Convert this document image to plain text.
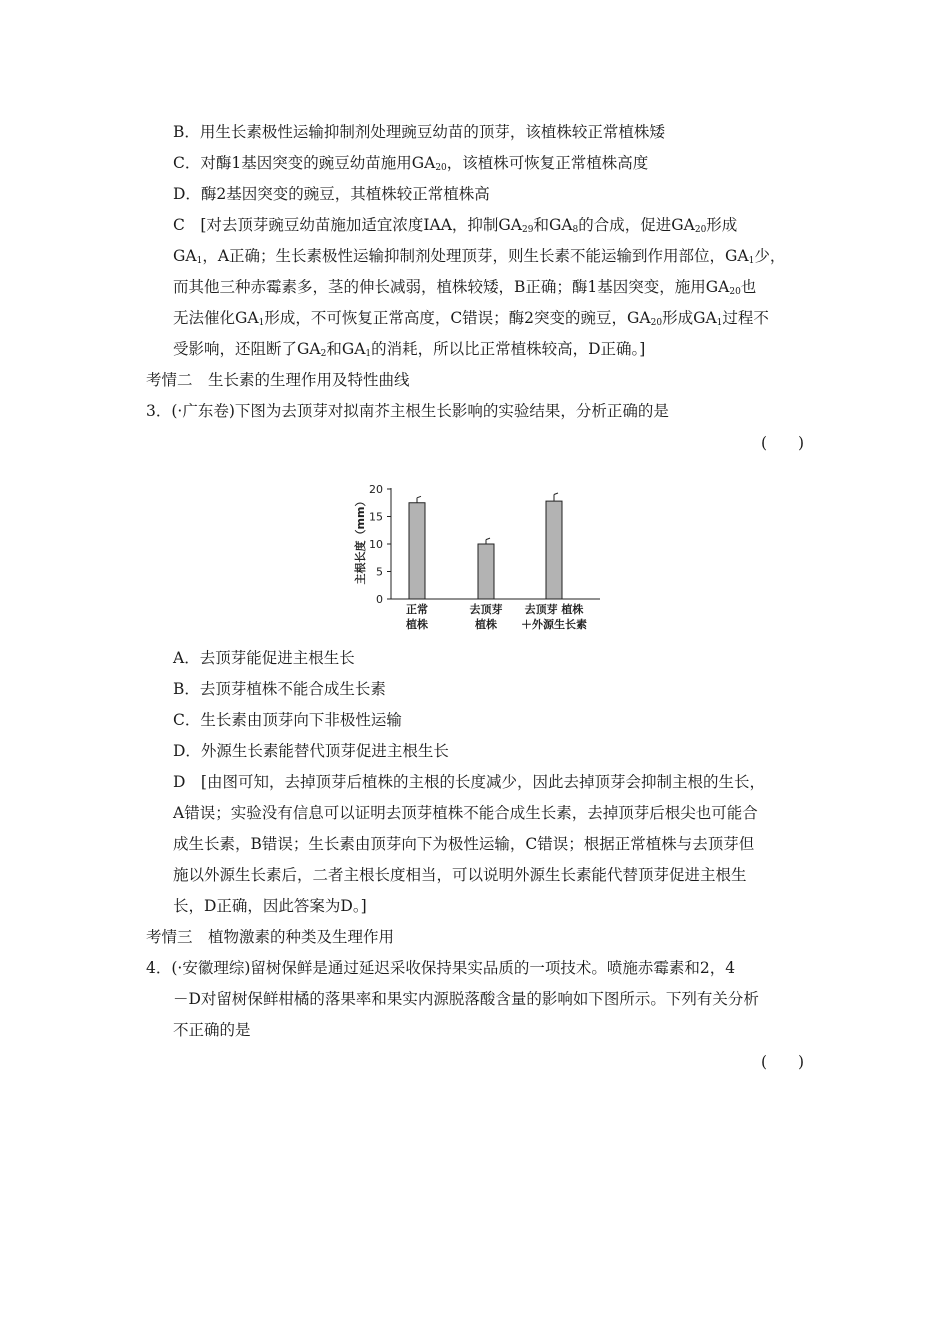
B．用生长素极性运输抑制剂处理豌豆幼苗的顶芽，该植株较正常植株矮
C．对酶1基因突变的豌豆幼苗施用$GA_{20}$，该植株可恢复正常植株高度
D．酶2基因突变的豌豆，其植株较正常植株高
C　[对去顶芽豌豆幼苗施加适宜浓度IAA，抑制$GA_{29}$和$GA_8$的合成，促进$GA_{20}$形成
$GA_1$，A正确；生长素极性运输抑制剂处理顶芽，则生长素不能运输到作用部位，$GA_1$少，
而其他三种赤霉素多，茎的伸长减弱，植株较矮，B正确；酶1基因突变，施用$GA_{20}$也
无法催化$GA_1$形成，不可恢复正常高度，C错误；酶2突变的豌豆，$GA_{20}$形成$GA_1$过程不
受影响，还阻断了$GA_2$和$GA_1$的消耗，所以比正常植株较高，D正确。]
考情二　生长素的生理作用及特性曲线
3．(·广东卷)下图为去顶芽对拟南芥主根生长影响的实验结果，分析正确的是
(　　)
主根长度（mm）
0
5
10
15
20
正常
植株
去顶芽
植株
去顶芽 植株
＋外源生长素
A．去顶芽能促进主根生长
B．去顶芽植株不能合成生长素
C．生长素由顶芽向下非极性运输
D．外源生长素能替代顶芽促进主根生长
D　[由图可知，去掉顶芽后植株的主根的长度减少，因此去掉顶芽会抑制主根的生长，
A错误；实验没有信息可以证明去顶芽植株不能合成生长素，去掉顶芽后根尖也可能合
成生长素，B错误；生长素由顶芽向下为极性运输，C错误；根据正常植株与去顶芽但
施以外源生长素后，二者主根长度相当，可以说明外源生长素能代替顶芽促进主根生
长，D正确，因此答案为D。]
考情三　植物激素的种类及生理作用
4．(·安徽理综)留树保鲜是通过延迟采收保持果实品质的一项技术。喷施赤霉素和2，4
－D对留树保鲜柑橘的落果率和果实内源脱落酸含量的影响如下图所示。下列有关分析
不正确的是
(　　)
